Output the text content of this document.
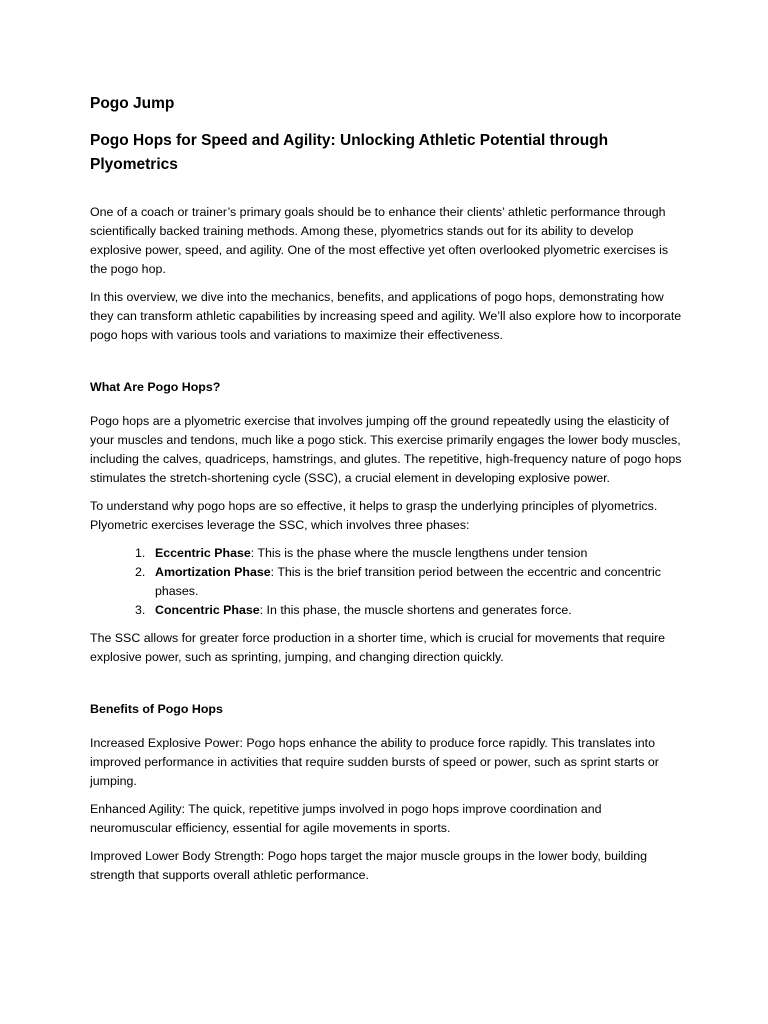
Pogo Jump
Pogo Hops for Speed and Agility: Unlocking Athletic Potential through Plyometrics

One of a coach or trainer’s primary goals should be to enhance their clients’ athletic performance through scientifically backed training methods. Among these, plyometrics stands out for its ability to develop explosive power, speed, and agility. One of the most effective yet often overlooked plyometric exercises is the pogo hop.

In this overview, we dive into the mechanics, benefits, and applications of pogo hops, demonstrating how they can transform athletic capabilities by increasing speed and agility. We’ll also explore how to incorporate pogo hops with various tools and variations to maximize their effectiveness.

What Are Pogo Hops?

Pogo hops are a plyometric exercise that involves jumping off the ground repeatedly using the elasticity of your muscles and tendons, much like a pogo stick. This exercise primarily engages the lower body muscles, including the calves, quadriceps, hamstrings, and glutes. The repetitive, high-frequency nature of pogo hops stimulates the stretch-shortening cycle (SSC), a crucial element in developing explosive power.

To understand why pogo hops are so effective, it helps to grasp the underlying principles of plyometrics. Plyometric exercises leverage the SSC, which involves three phases:

1. Eccentric Phase: This is the phase where the muscle lengthens under tension
2. Amortization Phase: This is the brief transition period between the eccentric and concentric phases.
3. Concentric Phase: In this phase, the muscle shortens and generates force.

The SSC allows for greater force production in a shorter time, which is crucial for movements that require explosive power, such as sprinting, jumping, and changing direction quickly.

Benefits of Pogo Hops

Increased Explosive Power: Pogo hops enhance the ability to produce force rapidly. This translates into improved performance in activities that require sudden bursts of speed or power, such as sprint starts or jumping.

Enhanced Agility: The quick, repetitive jumps involved in pogo hops improve coordination and neuromuscular efficiency, essential for agile movements in sports.

Improved Lower Body Strength: Pogo hops target the major muscle groups in the lower body, building strength that supports overall athletic performance.
